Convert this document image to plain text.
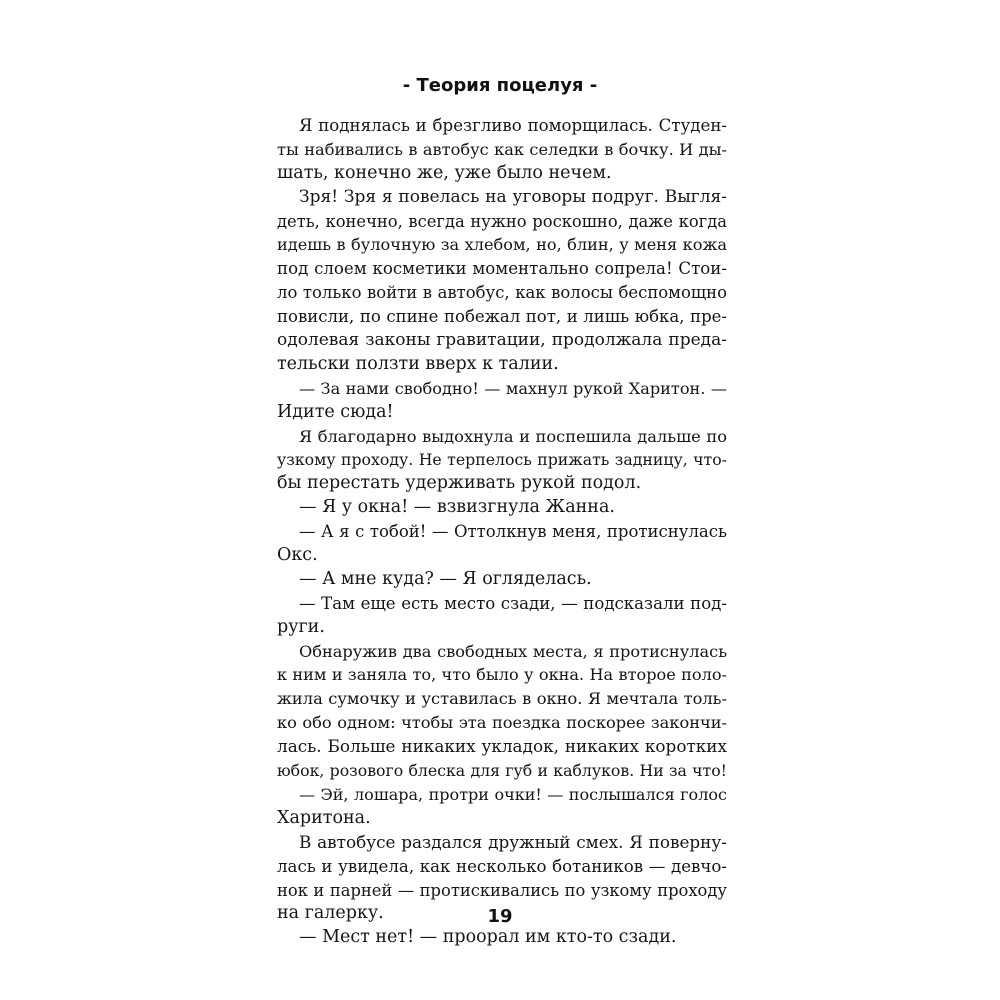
- Теория поцелуя -
Я поднялась и брезгливо поморщилась. Студен-
ты набивались в автобус как селедки в бочку. И ды-
шать, конечно же, уже было нечем.
Зря! Зря я повелась на уговоры подруг. Выгля-
деть, конечно, всегда нужно роскошно, даже когда
идешь в булочную за хлебом, но, блин, у меня кожа
под слоем косметики моментально сопрела! Стои-
ло только войти в автобус, как волосы беспомощно
повисли, по спине побежал пот, и лишь юбка, пре-
одолевая законы гравитации, продолжала преда-
тельски ползти вверх к талии.
— За нами свободно! — махнул рукой Харитон. —
Идите сюда!
Я благодарно выдохнула и поспешила дальше по
узкому проходу. Не терпелось прижать задницу, что-
бы перестать удерживать рукой подол.
— Я у окна! — взвизгнула Жанна.
— А я с тобой! — Оттолкнув меня, протиснулась
Окс.
— А мне куда? — Я огляделась.
— Там еще есть место сзади, — подсказали под-
руги.
Обнаружив два свободных места, я протиснулась
к ним и заняла то, что было у окна. На второе поло-
жила сумочку и уставилась в окно. Я мечтала толь-
ко обо одном: чтобы эта поездка поскорее закончи-
лась. Больше никаких укладок, никаких коротких
юбок, розового блеска для губ и каблуков. Ни за что!
— Эй, лошара, протри очки! — послышался голос
Харитона.
В автобусе раздался дружный смех. Я поверну-
лась и увидела, как несколько ботаников — девчо-
нок и парней — протискивались по узкому проходу
на галерку.
— Мест нет! — проорал им кто-то сзади.
19
